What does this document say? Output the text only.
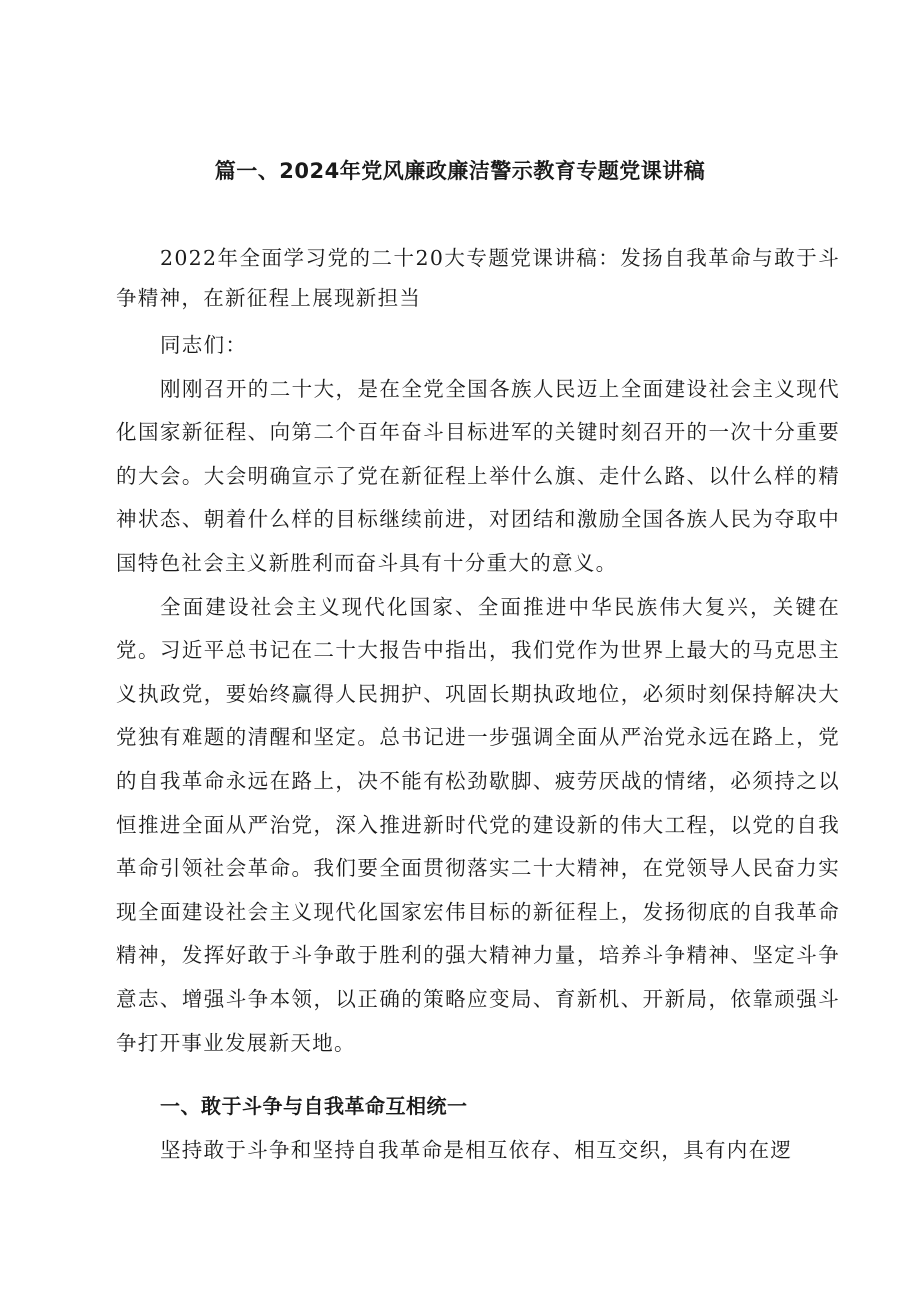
篇一、2024年党风廉政廉洁警示教育专题党课讲稿

2022年全面学习党的二十20大专题党课讲稿：发扬自我革命与敢于斗争精神，在新征程上展现新担当

同志们：

刚刚召开的二十大，是在全党全国各族人民迈上全面建设社会主义现代化国家新征程、向第二个百年奋斗目标进军的关键时刻召开的一次十分重要的大会。大会明确宣示了党在新征程上举什么旗、走什么路、以什么样的精神状态、朝着什么样的目标继续前进，对团结和激励全国各族人民为夺取中国特色社会主义新胜利而奋斗具有十分重大的意义。

全面建设社会主义现代化国家、全面推进中华民族伟大复兴，关键在党。习近平总书记在二十大报告中指出，我们党作为世界上最大的马克思主义执政党，要始终赢得人民拥护、巩固长期执政地位，必须时刻保持解决大党独有难题的清醒和坚定。总书记进一步强调全面从严治党永远在路上，党的自我革命永远在路上，决不能有松劲歇脚、疲劳厌战的情绪，必须持之以恒推进全面从严治党，深入推进新时代党的建设新的伟大工程，以党的自我革命引领社会革命。我们要全面贯彻落实二十大精神，在党领导人民奋力实现全面建设社会主义现代化国家宏伟目标的新征程上，发扬彻底的自我革命精神，发挥好敢于斗争敢于胜利的强大精神力量，培养斗争精神、坚定斗争意志、增强斗争本领，以正确的策略应变局、育新机、开新局，依靠顽强斗争打开事业发展新天地。

一、敢于斗争与自我革命互相统一

坚持敢于斗争和坚持自我革命是相互依存、相互交织，具有内在逻
